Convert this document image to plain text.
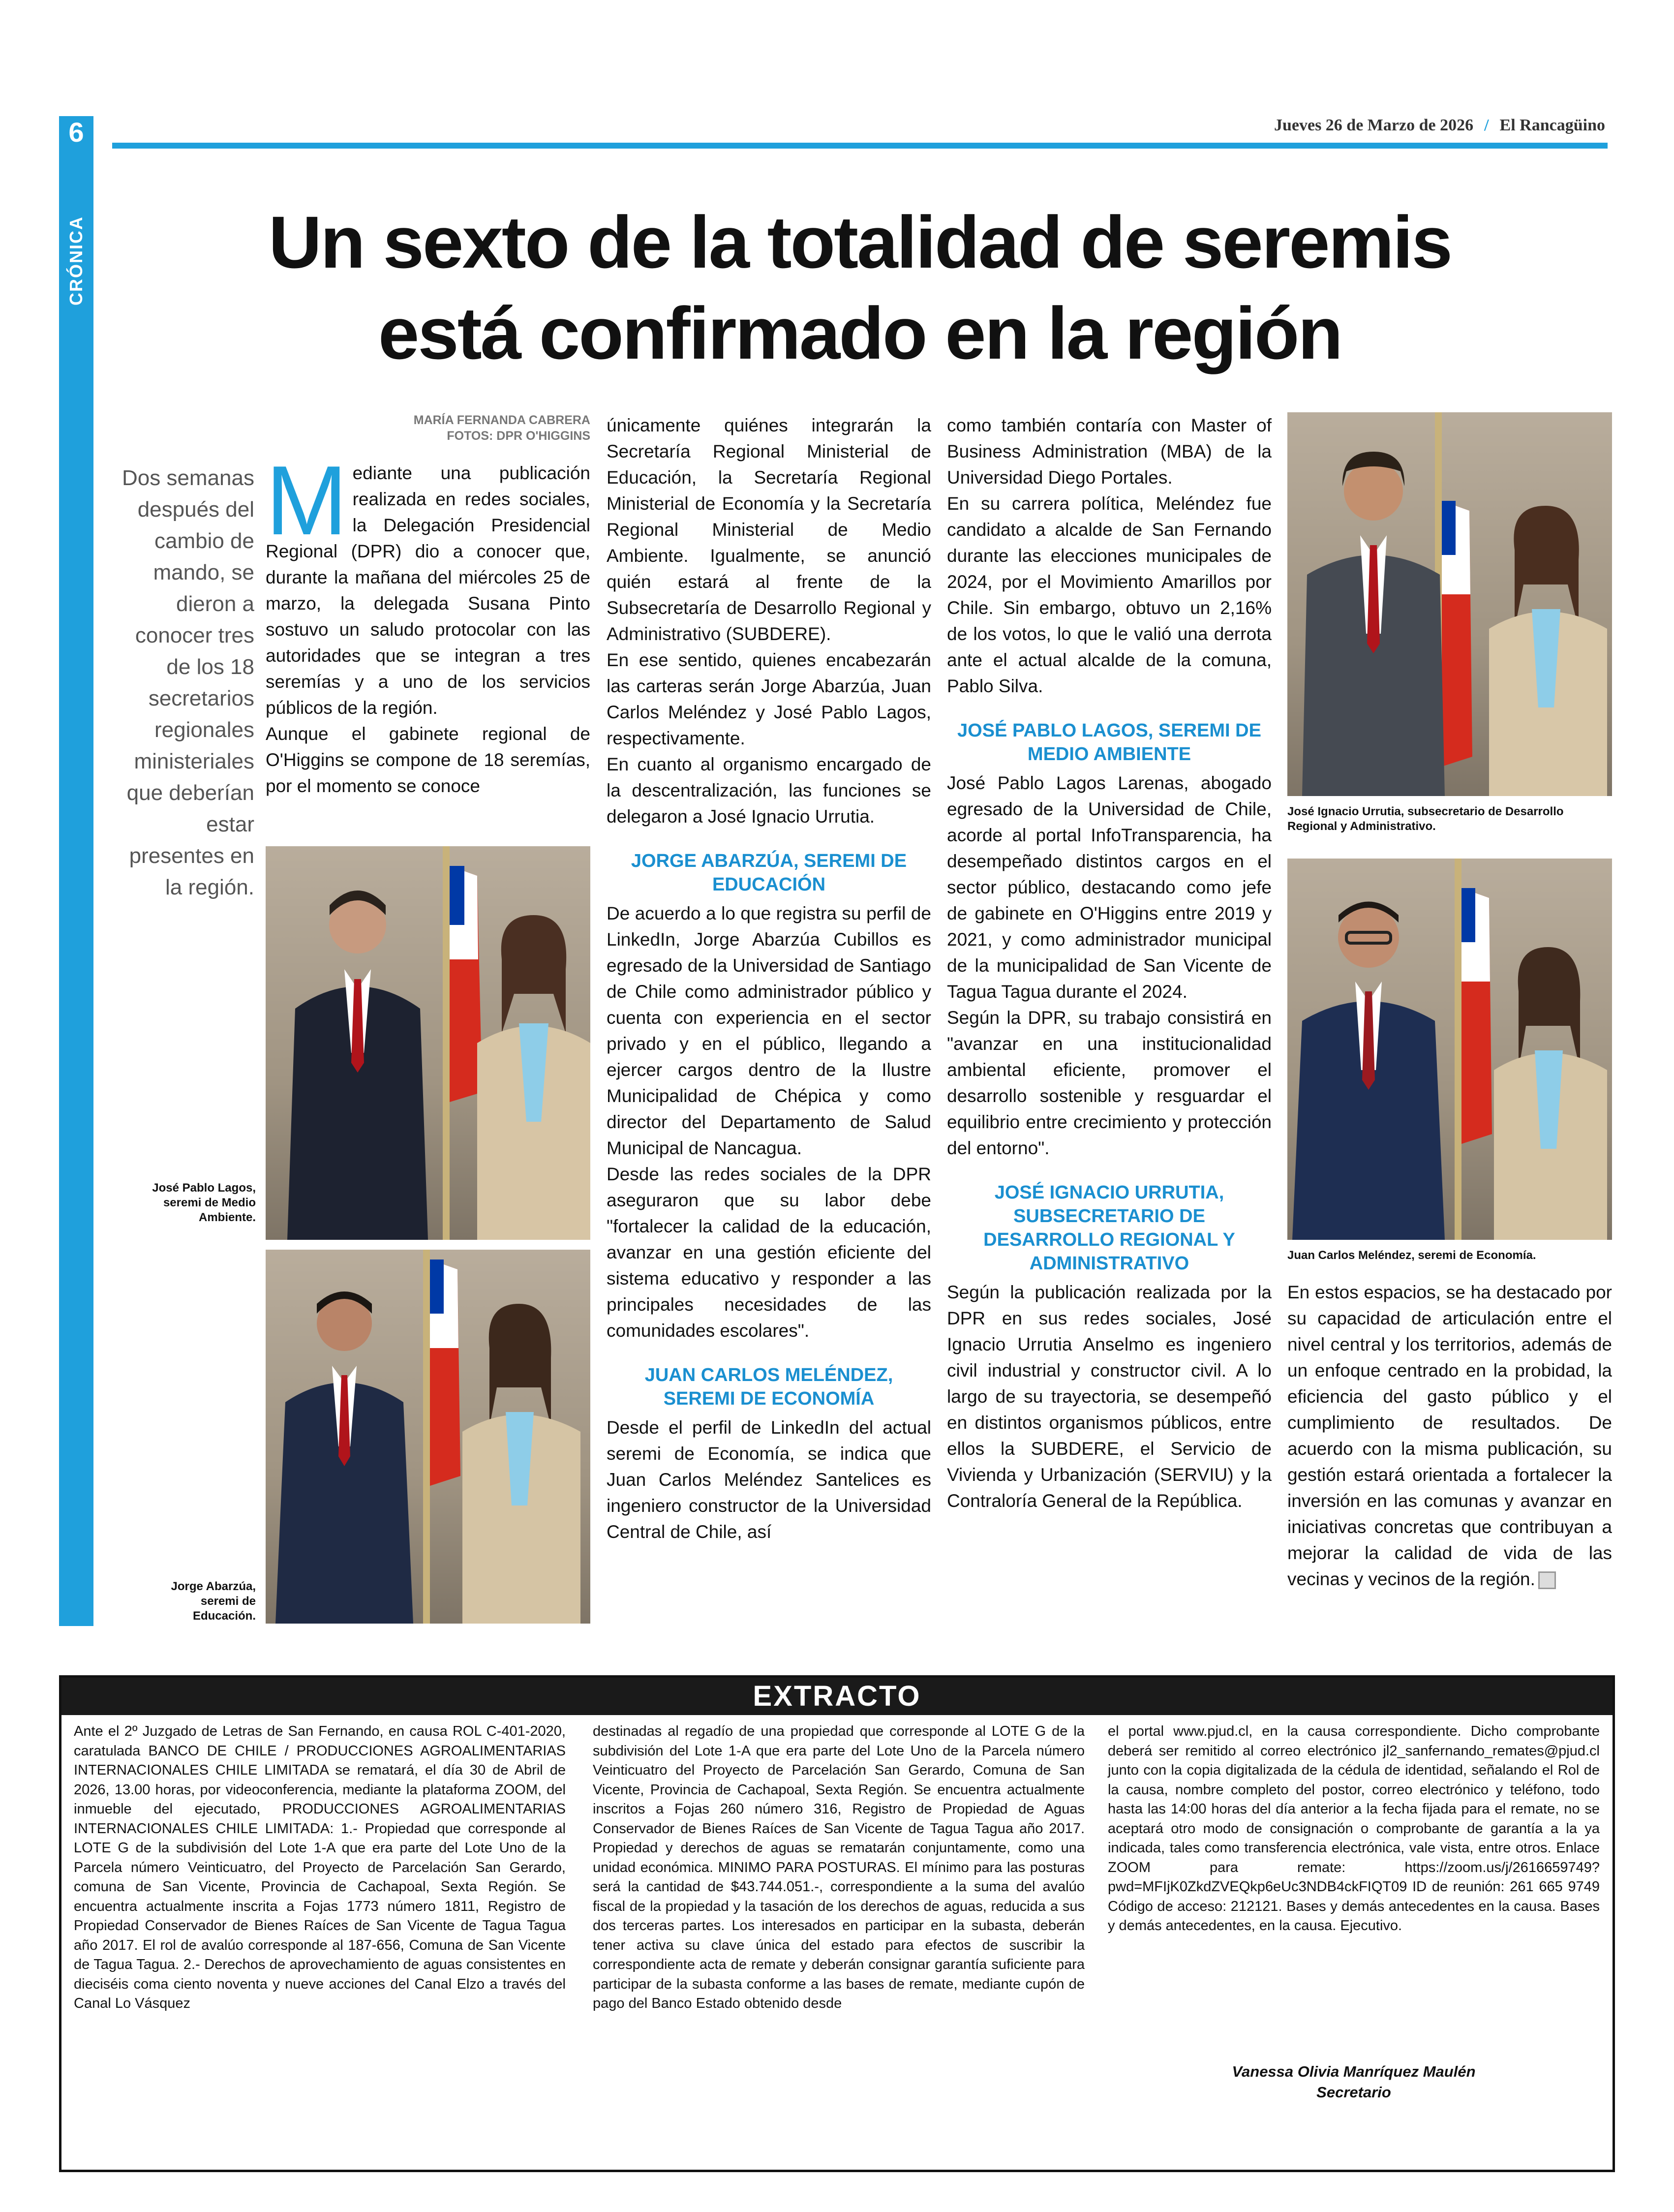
6	Jueves 26 de Marzo de 2026 / El Rancagüino
CRÓNICA	Un sexto de la totalidad de seremis
está confirmado en la región
MARÍA FERNANDA CABRERA
FOTOS: DPR O'HIGGINS
Dos semanas después del cambio de mando, se dieron a conocer tres de los 18 secretarios regionales ministeriales que deberían estar presentes en la región.

Mediante una publicación realizada en redes sociales, la Delegación Presidencial Regional (DPR) dio a conocer que, durante la mañana del miércoles 25 de marzo, la delegada Susana Pinto sostuvo un saludo protocolar con las autoridades que se integran a tres seremías y a uno de los servicios públicos de la región.

Aunque el gabinete regional de O'Higgins se compone de 18 seremías, por el momento se conoce

José Pablo Lagos, seremi de Medio Ambiente.
Jorge Abarzúa, seremi de Educación.

únicamente quiénes integrarán la Secretaría Regional Ministerial de Educación, la Secretaría Regional Ministerial de Economía y la Secretaría Regional Ministerial de Medio Ambiente. Igualmente, se anunció quién estará al frente de la Subsecretaría de Desarrollo Regional y Administrativo (SUBDERE).

En ese sentido, quienes encabezarán las carteras serán Jorge Abarzúa, Juan Carlos Meléndez y José Pablo Lagos, respectivamente.

En cuanto al organismo encargado de la descentralización, las funciones se delegaron a José Ignacio Urrutia.

JORGE ABARZÚA, SEREMI DE EDUCACIÓN

De acuerdo a lo que registra su perfil de LinkedIn, Jorge Abarzúa Cubillos es egresado de la Universidad de Santiago de Chile como administrador público y cuenta con experiencia en el sector privado y en el público, llegando a ejercer cargos dentro de la Ilustre Municipalidad de Chépica y como director del Departamento de Salud Municipal de Nancagua.

Desde las redes sociales de la DPR aseguraron que su labor debe "fortalecer la calidad de la educación, avanzar en una gestión eficiente del sistema educativo y responder a las principales necesidades de las comunidades escolares".

JUAN CARLOS MELÉNDEZ, SEREMI DE ECONOMÍA

Desde el perfil de LinkedIn del actual seremi de Economía, se indica que Juan Carlos Meléndez Santelices es ingeniero constructor de la Universidad Central de Chile, así

como también contaría con Master of Business Administration (MBA) de la Universidad Diego Portales.

En su carrera política, Meléndez fue candidato a alcalde de San Fernando durante las elecciones municipales de 2024, por el Movimiento Amarillos por Chile. Sin embargo, obtuvo un 2,16% de los votos, lo que le valió una derrota ante el actual alcalde de la comuna, Pablo Silva.

JOSÉ PABLO LAGOS, SEREMI DE MEDIO AMBIENTE

José Pablo Lagos Larenas, abogado egresado de la Universidad de Chile, acorde al portal InfoTransparencia, ha desempeñado distintos cargos en el sector público, destacando como jefe de gabinete en O'Higgins entre 2019 y 2021, y como administrador municipal de la municipalidad de San Vicente de Tagua Tagua durante el 2024.

Según la DPR, su trabajo consistirá en "avanzar en una institucionalidad ambiental eficiente, promover el desarrollo sostenible y resguardar el equilibrio entre crecimiento y protección del entorno".

JOSÉ IGNACIO URRUTIA, SUBSECRETARIO DE DESARROLLO REGIONAL Y ADMINISTRATIVO

Según la publicación realizada por la DPR en sus redes sociales, José Ignacio Urrutia Anselmo es ingeniero civil industrial y constructor civil. A lo largo de su trayectoria, se desempeñó en distintos organismos públicos, entre ellos la SUBDERE, el Servicio de Vivienda y Urbanización (SERVIU) y la Contraloría General de la República.

José Ignacio Urrutia, subsecretario de Desarrollo Regional y Administrativo.
Juan Carlos Meléndez, seremi de Economía.

En estos espacios, se ha destacado por su capacidad de articulación entre el nivel central y los territorios, además de un enfoque centrado en la probidad, la eficiencia del gasto público y el cumplimiento de resultados. De acuerdo con la misma publicación, su gestión estará orientada a fortalecer la inversión en las comunas y avanzar en iniciativas concretas que contribuyan a mejorar la calidad de vida de las vecinas y vecinos de la región.

EXTRACTO
Ante el 2º Juzgado de Letras de San Fernando, en causa ROL C-401-2020, caratulada BANCO DE CHILE / PRODUCCIONES AGROALIMENTARIAS INTERNACIONALES CHILE LIMITADA se rematará, el día 30 de Abril de 2026, 13.00 horas, por videoconferencia, mediante la plataforma ZOOM, del inmueble del ejecutado, PRODUCCIONES AGROALIMENTARIAS INTERNACIONALES CHILE LIMITADA: 1.- Propiedad que corresponde al LOTE G de la subdivisión del Lote 1-A que era parte del Lote Uno de la Parcela número Veinticuatro, del Proyecto de Parcelación San Gerardo, comuna de San Vicente, Provincia de Cachapoal, Sexta Región. Se encuentra actualmente inscrita a Fojas 1773 número 1811, Registro de Propiedad Conservador de Bienes Raíces de San Vicente de Tagua Tagua año 2017. El rol de avalúo corresponde al 187-656, Comuna de San Vicente de Tagua Tagua. 2.- Derechos de aprovechamiento de aguas consistentes en dieciséis coma ciento noventa y nueve acciones del Canal Elzo a través del Canal Lo Vásquez
destinadas al regadío de una propiedad que corresponde al LOTE G de la subdivisión del Lote 1-A que era parte del Lote Uno de la Parcela número Veinticuatro del Proyecto de Parcelación San Gerardo, Comuna de San Vicente, Provincia de Cachapoal, Sexta Región. Se encuentra actualmente inscritos a Fojas 260 número 316, Registro de Propiedad de Aguas Conservador de Bienes Raíces de San Vicente de Tagua Tagua año 2017. Propiedad y derechos de aguas se rematarán conjuntamente, como una unidad económica. MINIMO PARA POSTURAS. El mínimo para las posturas será la cantidad de $43.744.051.-, correspondiente a la suma del avalúo fiscal de la propiedad y la tasación de los derechos de aguas, reducida a sus dos terceras partes. Los interesados en participar en la subasta, deberán tener activa su clave única del estado para efectos de suscribir la correspondiente acta de remate y deberán consignar garantía suficiente para participar de la subasta conforme a las bases de remate, mediante cupón de pago del Banco Estado obtenido desde
el portal www.pjud.cl, en la causa correspondiente. Dicho comprobante deberá ser remitido al correo electrónico jl2_sanfernando_remates@pjud.cl junto con la copia digitalizada de la cédula de identidad, señalando el Rol de la causa, nombre completo del postor, correo electrónico y teléfono, todo hasta las 14:00 horas del día anterior a la fecha fijada para el remate, no se aceptará otro modo de consignación o comprobante de garantía a la ya indicada, tales como transferencia electrónica, vale vista, entre otros. Enlace ZOOM para remate: https://zoom.us/j/2616659749?pwd=MFIjK0ZkdZVEQkp6eUc3NDB4ckFIQT09 ID de reunión: 261 665 9749 Código de acceso: 212121. Bases y demás antecedentes en la causa. Bases y demás antecedentes, en la causa. Ejecutivo.
Vanessa Olivia Manríquez Maulén
Secretario
